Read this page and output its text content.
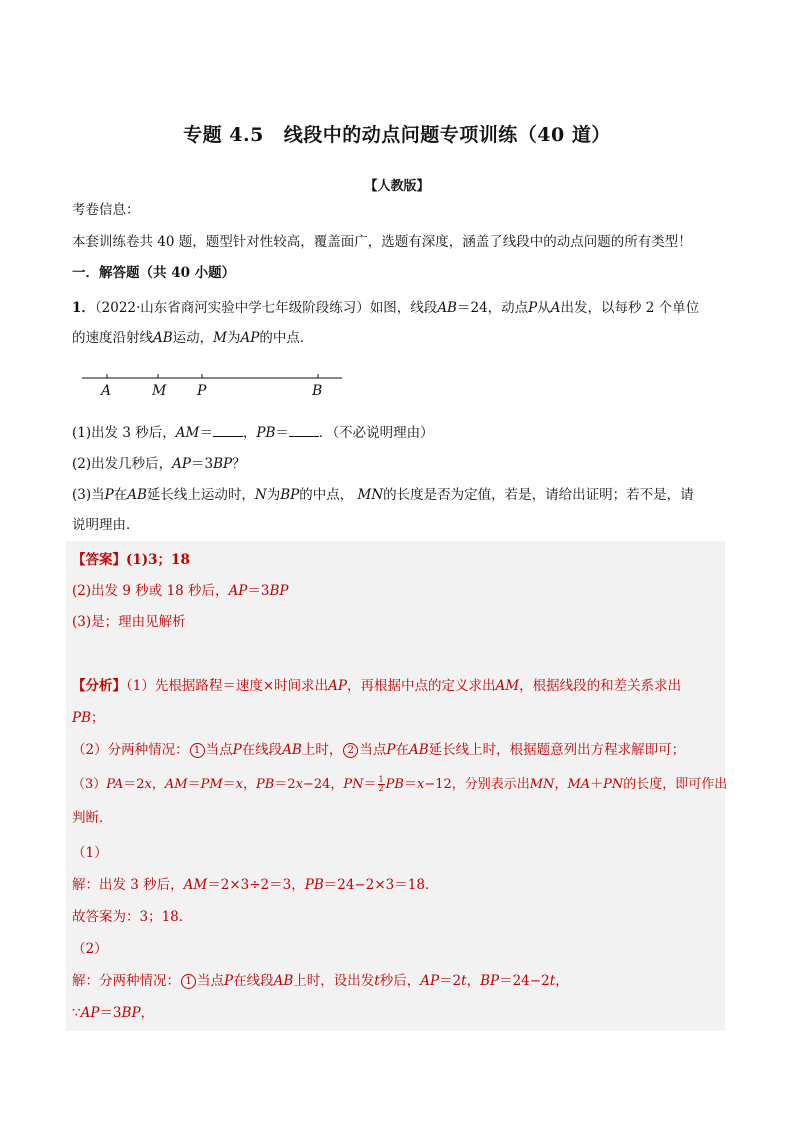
专题 4.5 线段中的动点问题专项训练（40 道）
【人教版】
考卷信息：
本套训练卷共 40 题，题型针对性较高，覆盖面广，选题有深度，涵盖了线段中的动点问题的所有类型！
一．解答题（共 40 小题）
1．（2022·山东省商河实验中学七年级阶段练习）如图，线段AB＝24，动点P从A出发，以每秒 2 个单位
的速度沿射线AB运动，M为AP的中点．
A	M P	B
(1)出发 3 秒后，AM＝ ，PB＝ ．（不必说明理由）
(2)出发几秒后，AP＝3BP？
(3)当P在AB延长线上运动时，N为BP的中点， MN的长度是否为定值，若是，请给出证明；若不是，请
说明理由．
【答案】(1)3；18
(2)出发 9 秒或 18 秒后，AP＝3BP
(3)是；理由见解析
【分析】（1）先根据路程＝速度×时间求出AP，再根据中点的定义求出AM，根据线段的和差关系求出
PB；
（2）分两种情况： 1 当点P在线段AB上时， 2 当点P在AB延长线上时，根据题意列出方程求解即可；
（3）PA＝2x，AM＝PM＝x，PB＝2x−24，$PN= \frac{1}{2} PB=x-12$，分别表示出MN，MA＋PN的长度，即可作出
判断．
（1）
解：出发 3 秒后，AM＝2×3÷2＝3，PB＝24−2×3＝18．
故答案为：3；18．
（2）
解：分两种情况： 1 当点P在线段AB上时，设出发t秒后，AP＝2t，BP＝24−2t，
∵AP＝3BP，
